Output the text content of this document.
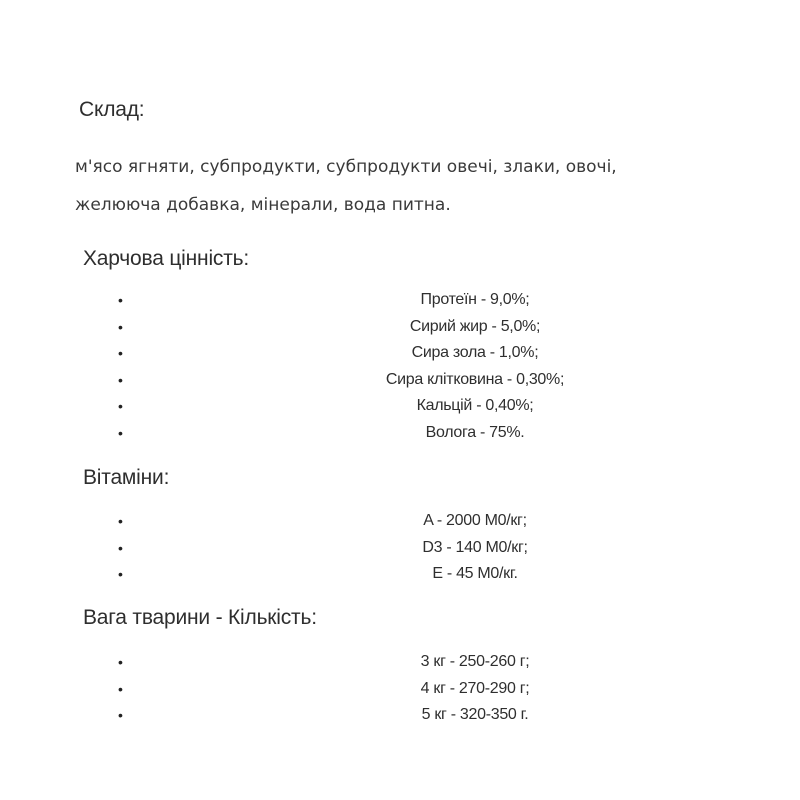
Склад:

м'ясо ягняти, субпродукти, субпродукти овечі, злаки, овочі,
желююча добавка, мінерали, вода питна.

Харчова цінність:
•	Протеїн - 9,0%;
•	Сирий жир - 5,0%;
•	Сира зола - 1,0%;
•	Сира клітковина - 0,30%;
•	Кальцій - 0,40%;
•	Волога - 75%.
Вітаміни:
•	A - 2000 М0/кг;
•	D3 - 140 М0/кг;
•	E - 45 М0/кг.
Вага тварини - Кількість:
•	3 кг - 250-260 г;
•	4 кг - 270-290 г;
•	5 кг - 320-350 г.
